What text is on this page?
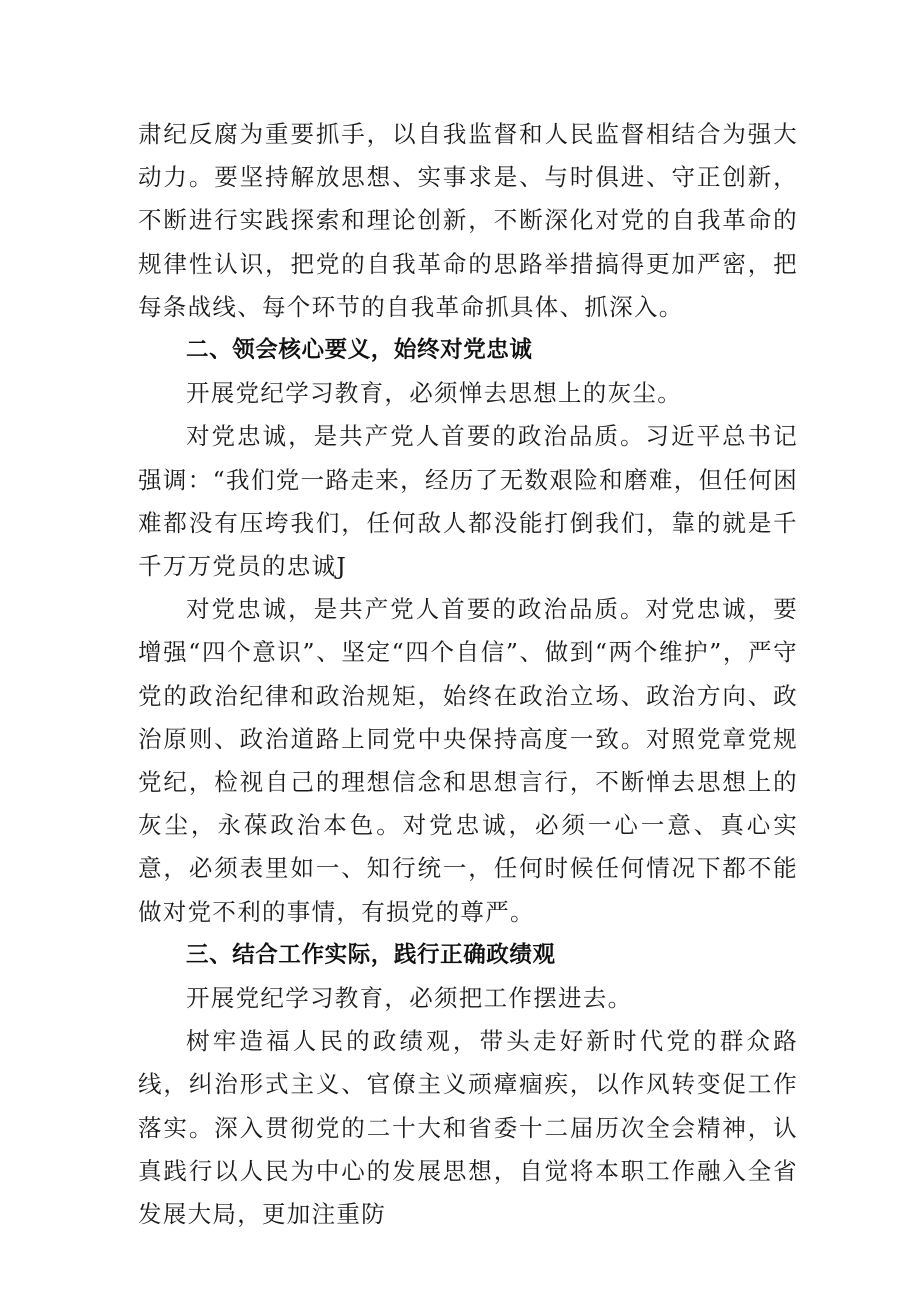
肃纪反腐为重要抓手，以自我监督和人民监督相结合为强大动力。要坚持解放思想、实事求是、与时俱进、守正创新，不断进行实践探索和理论创新，不断深化对党的自我革命的规律性认识，把党的自我革命的思路举措搞得更加严密，把每条战线、每个环节的自我革命抓具体、抓深入。

二、领会核心要义，始终对党忠诚

开展党纪学习教育，必须惮去思想上的灰尘。

对党忠诚，是共产党人首要的政治品质。习近平总书记强调：“我们党一路走来，经历了无数艰险和磨难，但任何困难都没有压垮我们，任何敌人都没能打倒我们，靠的就是千千万万党员的忠诚J

对党忠诚，是共产党人首要的政治品质。对党忠诚，要增强“四个意识”、坚定“四个自信”、做到“两个维护”，严守党的政治纪律和政治规矩，始终在政治立场、政治方向、政治原则、政治道路上同党中央保持高度一致。对照党章党规党纪，检视自己的理想信念和思想言行，不断惮去思想上的灰尘，永葆政治本色。对党忠诚，必须一心一意、真心实意，必须表里如一、知行统一，任何时候任何情况下都不能做对党不利的事情，有损党的尊严。

三、结合工作实际，践行正确政绩观

开展党纪学习教育，必须把工作摆进去。

树牢造福人民的政绩观，带头走好新时代党的群众路线，纠治形式主义、官僚主义顽瘴痼疾，以作风转变促工作落实。深入贯彻党的二十大和省委十二届历次全会精神，认真践行以人民为中心的发展思想，自觉将本职工作融入全省发展大局，更加注重防
